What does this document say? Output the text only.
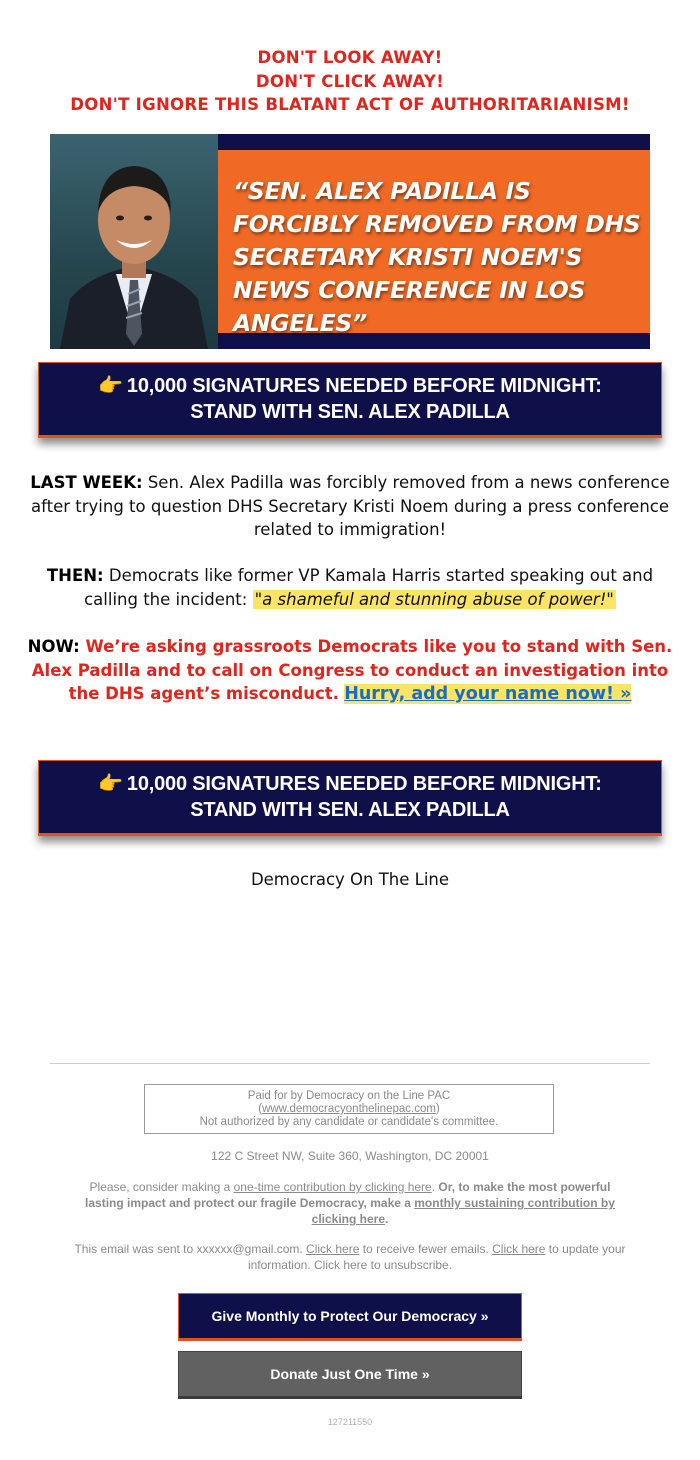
DON'T LOOK AWAY!
DON'T CLICK AWAY!
DON'T IGNORE THIS BLATANT ACT OF AUTHORITARIANISM!
“SEN. ALEX PADILLA IS FORCIBLY REMOVED FROM DHS SECRETARY KRISTI NOEM'S NEWS CONFERENCE IN LOS ANGELES”
👉 10,000 SIGNATURES NEEDED BEFORE MIDNIGHT:
STAND WITH SEN. ALEX PADILLA
LAST WEEK: Sen. Alex Padilla was forcibly removed from a news conference after trying to question DHS Secretary Kristi Noem during a press conference related to immigration!
THEN: Democrats like former VP Kamala Harris started speaking out and calling the incident: "a shameful and stunning abuse of power!"
NOW: We’re asking grassroots Democrats like you to stand with Sen. Alex Padilla and to call on Congress to conduct an investigation into the DHS agent’s misconduct. Hurry, add your name now! »
👉 10,000 SIGNATURES NEEDED BEFORE MIDNIGHT:
STAND WITH SEN. ALEX PADILLA
Democracy On The Line
Paid for by Democracy on the Line PAC
(www.democracyonthelinepac.com)
Not authorized by any candidate or candidate's committee.
122 C Street NW, Suite 360, Washington, DC 20001
Please, consider making a one-time contribution by clicking here. Or, to make the most powerful lasting impact and protect our fragile Democracy, make a monthly sustaining contribution by clicking here.
This email was sent to xxxxxx@gmail.com. Click here to receive fewer emails. Click here to update your information. Click here to unsubscribe.
Give Monthly to Protect Our Democracy »
Donate Just One Time »
127211550
